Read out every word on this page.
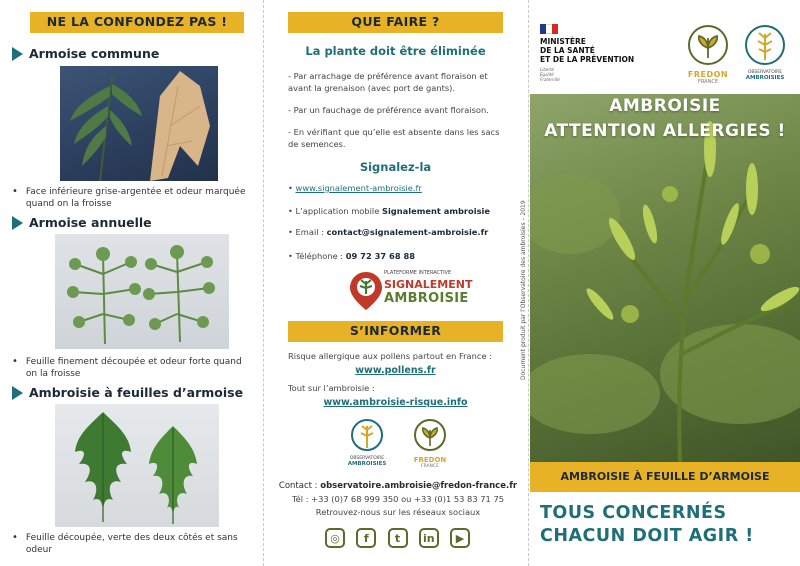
NE LA CONFONDEZ PAS !
Armoise commune
• Face inférieure grise-argentée et odeur marquée quand on la froisse
Armoise annuelle
• Feuille finement découpée et odeur forte quand on la froisse
Ambroisie à feuilles d’armoise
• Feuille découpée, verte des deux côtés et sans odeur
QUE FAIRE ?
La plante doit être éliminée
- Par arrachage de préférence avant floraison et avant la grenaison (avec port de gants).
- Par un fauchage de préférence avant floraison.
- En vérifiant que qu’elle est absente dans les sacs de semences.
Signalez-la
• www.signalement-ambroisie.fr
• L’application mobile Signalement ambroisie
• Email : contact@signalement-ambroisie.fr
• Téléphone : 09 72 37 68 88
PLATEFORME INTERACTIVE
SIGNALEMENT
AMBROISIE
S’INFORMER
Risque allergique aux pollens partout en France :
www.pollens.fr
Tout sur l’ambroisie :
www.ambroisie-risque.info
OBSERVATOIRE
AMBROISIES	FREDON
FRANCE
Contact : observatoire.ambroisie@fredon-france.fr
Tél : +33 (0)7 68 999 350 ou +33 (0)1 53 83 71 75
Retrouvez-nous sur les réseaux sociaux
◎	f	t	in	▶
Document produit par l’Observatoire des ambroisies – 2019
MINISTÈRE
DE LA SANTÉ
ET DE LA PRÉVENTION
Liberté
Égalité
Fraternité
FREDON
FRANCE
OBSERVATOIRE
AMBROISIES
AMBROISIE
ATTENTION ALLERGIES !
AMBROISIE À FEUILLE D’ARMOISE
TOUS CONCERNÉS
CHACUN DOIT AGIR !
